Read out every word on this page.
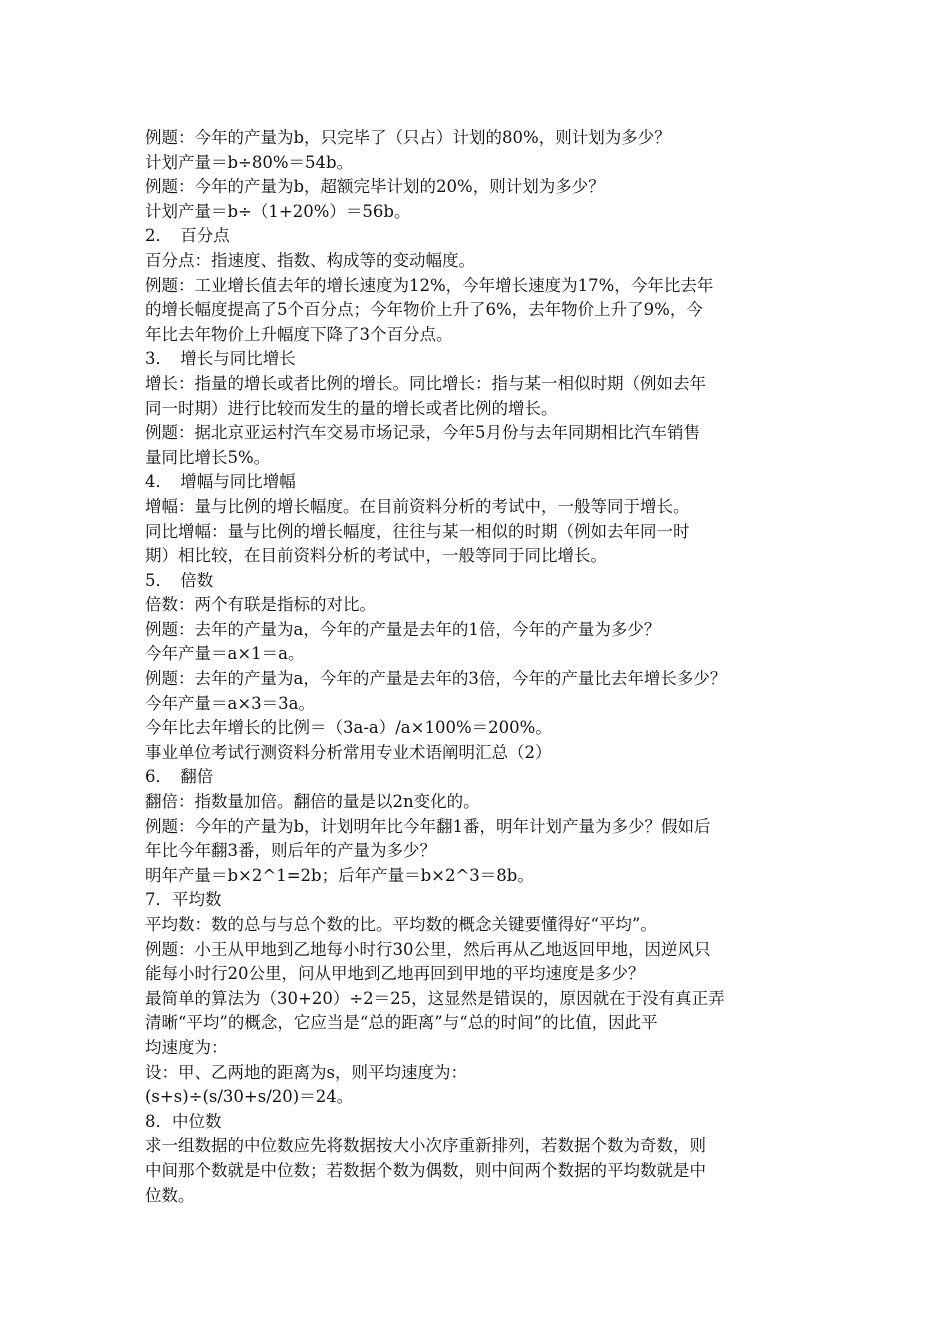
例题：今年的产量为b，只完毕了（只占）计划的80%，则计划为多少？
计划产量＝b÷80%＝54b。
例题：今年的产量为b，超额完毕计划的20%，则计划为多少？
计划产量＝b÷（1+20%）＝56b。
2．　百分点
百分点：指速度、指数、构成等的变动幅度。
例题：工业增长值去年的增长速度为12%，今年增长速度为17%，今年比去年
的增长幅度提高了5个百分点；今年物价上升了6%，去年物价上升了9%，今
年比去年物价上升幅度下降了3个百分点。
3．　增长与同比增长
增长：指量的增长或者比例的增长。同比增长：指与某一相似时期（例如去年
同一时期）进行比较而发生的量的增长或者比例的增长。
例题：据北京亚运村汽车交易市场记录，今年5月份与去年同期相比汽车销售
量同比增长5%。
4．　增幅与同比增幅
增幅：量与比例的增长幅度。在目前资料分析的考试中，一般等同于增长。
同比增幅：量与比例的增长幅度，往往与某一相似的时期（例如去年同一时
期）相比较，在目前资料分析的考试中，一般等同于同比增长。
5．　倍数
倍数：两个有联是指标的对比。
例题：去年的产量为a，今年的产量是去年的1倍，今年的产量为多少？
今年产量＝a×1＝a。
例题：去年的产量为a，今年的产量是去年的3倍，今年的产量比去年增长多少？
今年产量＝a×3＝3a。
今年比去年增长的比例＝（3a-a）/a×100%＝200%。
事业单位考试行测资料分析常用专业术语阐明汇总（2）
6．　翻倍
翻倍：指数量加倍。翻倍的量是以2n变化的。
例题：今年的产量为b，计划明年比今年翻1番，明年计划产量为多少？假如后
年比今年翻3番，则后年的产量为多少？
明年产量＝b×2^1=2b；后年产量＝b×2^3＝8b。
7．平均数
平均数：数的总与与总个数的比。平均数的概念关键要懂得好“平均”。
例题：小王从甲地到乙地每小时行30公里，然后再从乙地返回甲地，因逆风只
能每小时行20公里，问从甲地到乙地再回到甲地的平均速度是多少？
最简单的算法为（30+20）÷2＝25，这显然是错误的，原因就在于没有真正弄
清晰“平均”的概念，它应当是“总的距离”与“总的时间”的比值，因此平
均速度为：
设：甲、乙两地的距离为s，则平均速度为：
(s+s)÷(s/30+s/20)＝24。
8．中位数
求一组数据的中位数应先将数据按大小次序重新排列，若数据个数为奇数，则
中间那个数就是中位数；若数据个数为偶数，则中间两个数据的平均数就是中
位数。
